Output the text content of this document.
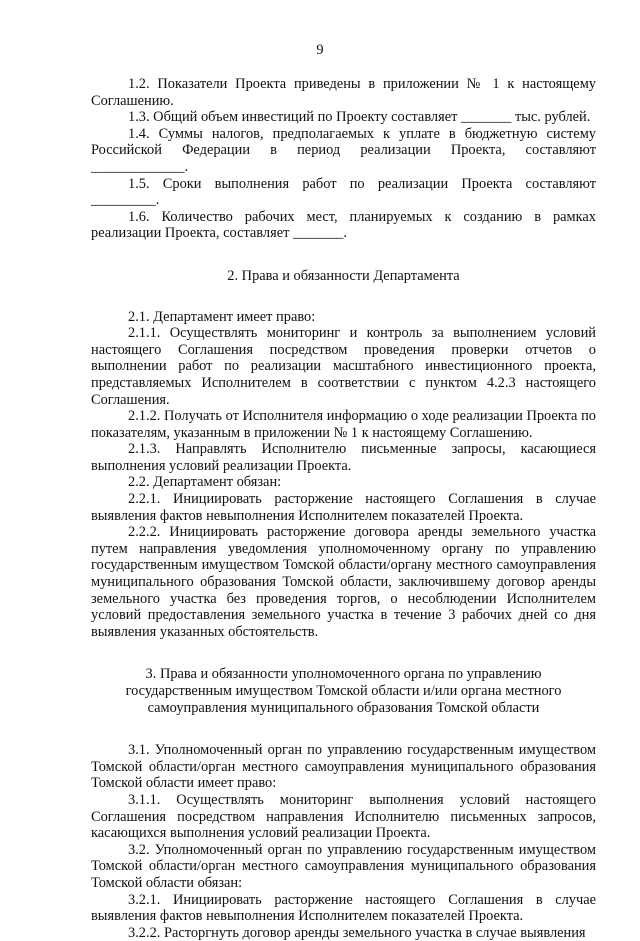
9

1.2. Показатели Проекта приведены в приложении № 1 к настоящему Соглашению.

1.3. Общий объем инвестиций по Проекту составляет _______ тыс. рублей.

1.4. Суммы налогов, предполагаемых к уплате в бюджетную систему Российской Федерации в период реализации Проекта, составляют _____________.

1.5. Сроки выполнения работ по реализации Проекта составляют _________.

1.6. Количество рабочих мест, планируемых к созданию в рамках реализации Проекта, составляет _______.

2. Права и обязанности Департамента

2.1. Департамент имеет право:

2.1.1. Осуществлять мониторинг и контроль за выполнением условий настоящего Соглашения посредством проведения проверки отчетов о выполнении работ по реализации масштабного инвестиционного проекта, представляемых Исполнителем в соответствии с пунктом 4.2.3 настоящего Соглашения.

2.1.2. Получать от Исполнителя информацию о ходе реализации Проекта по показателям, указанным в приложении № 1 к настоящему Соглашению.

2.1.3. Направлять Исполнителю письменные запросы, касающиеся выполнения условий реализации Проекта.

2.2. Департамент обязан:

2.2.1. Инициировать расторжение настоящего Соглашения в случае выявления фактов невыполнения Исполнителем показателей Проекта.

2.2.2. Инициировать расторжение договора аренды земельного участка путем направления уведомления уполномоченному органу по управлению государственным имуществом Томской области/органу местного самоуправления муниципального образования Томской области, заключившему договор аренды земельного участка без проведения торгов, о несоблюдении Исполнителем условий предоставления земельного участка в течение 3 рабочих дней со дня выявления указанных обстоятельств.

3. Права и обязанности уполномоченного органа по управлению

государственным имуществом Томской области и/или органа местного

самоуправления муниципального образования Томской области

3.1. Уполномоченный орган по управлению государственным имуществом Томской области/орган местного самоуправления муниципального образования Томской области имеет право:

3.1.1. Осуществлять мониторинг выполнения условий настоящего Соглашения посредством направления Исполнителю письменных запросов, касающихся выполнения условий реализации Проекта.

3.2. Уполномоченный орган по управлению государственным имуществом Томской области/орган местного самоуправления муниципального образования Томской области обязан:

3.2.1. Инициировать расторжение настоящего Соглашения в случае выявления фактов невыполнения Исполнителем показателей Проекта.

3.2.2. Расторгнуть договор аренды земельного участка в случае выявления
